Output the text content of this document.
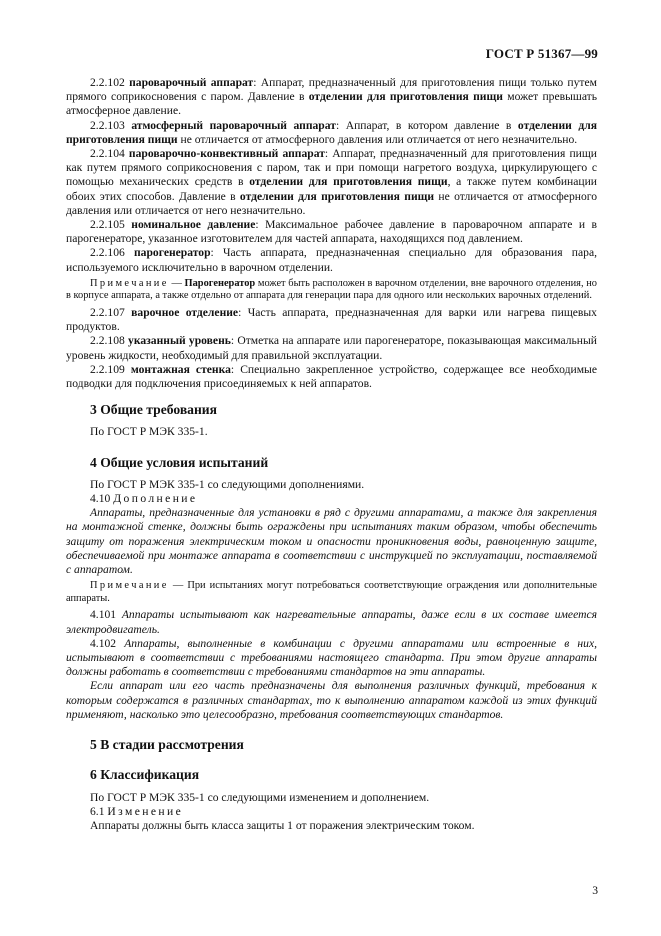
ГОСТ Р 51367—99

2.2.102 пароварочный аппарат: Аппарат, предназначенный для приготовления пищи только путем прямого соприкосновения с паром. Давление в отделении для приготовления пищи может превышать атмосферное давление.

2.2.103 атмосферный пароварочный аппарат: Аппарат, в котором давление в отделении для приготовления пищи не отличается от атмосферного давления или отличается от него незначительно.

2.2.104 пароварочно-конвективный аппарат: Аппарат, предназначенный для приготовления пищи как путем прямого соприкосновения с паром, так и при помощи нагретого воздуха, циркулирующего с помощью механических средств в отделении для приготовления пищи, а также путем комбинации обоих этих способов. Давление в отделении для приготовления пищи не отличается от атмосферного давления или отличается от него незначительно.

2.2.105 номинальное давление: Максимальное рабочее давление в пароварочном аппарате и в парогенераторе, указанное изготовителем для частей аппарата, находящихся под давлением.

2.2.106 парогенератор: Часть аппарата, предназначенная специально для образования пара, используемого исключительно в варочном отделении.

Примечание — Парогенератор может быть расположен в варочном отделении, вне варочного отделения, но в корпусе аппарата, а также отдельно от аппарата для генерации пара для одного или нескольких варочных отделений.

2.2.107 варочное отделение: Часть аппарата, предназначенная для варки или нагрева пищевых продуктов.

2.2.108 указанный уровень: Отметка на аппарате или парогенераторе, показывающая максимальный уровень жидкости, необходимый для правильной эксплуатации.

2.2.109 монтажная стенка: Специально закрепленное устройство, содержащее все необходимые подводки для подключения присоединяемых к ней аппаратов.

3 Общие требования

По ГОСТ Р МЭК 335-1.

4 Общие условия испытаний

По ГОСТ Р МЭК 335-1 со следующими дополнениями.

4.10 Дополнение

Аппараты, предназначенные для установки в ряд с другими аппаратами, а также для закрепления на монтажной стенке, должны быть ограждены при испытаниях таким образом, чтобы обеспечить защиту от поражения электрическим током и опасности проникновения воды, равноценную защите, обеспечиваемой при монтаже аппарата в соответствии с инструкцией по эксплуатации, поставляемой с аппаратом.

Примечание — При испытаниях могут потребоваться соответствующие ограждения или дополнительные аппараты.

4.101 Аппараты испытывают как нагревательные аппараты, даже если в их составе имеется электродвигатель.

4.102 Аппараты, выполненные в комбинации с другими аппаратами или встроенные в них, испытывают в соответствии с требованиями настоящего стандарта. При этом другие аппараты должны работать в соответствии с требованиями стандартов на эти аппараты.

Если аппарат или его часть предназначены для выполнения различных функций, требования к которым содержатся в различных стандартах, то к выполнению аппаратом каждой из этих функций применяют, насколько это целесообразно, требования соответствующих стандартов.

5 В стадии рассмотрения
6 Классификация

По ГОСТ Р МЭК 335-1 со следующими изменением и дополнением.

6.1 Изменение

Аппараты должны быть класса защиты 1 от поражения электрическим током.

3
